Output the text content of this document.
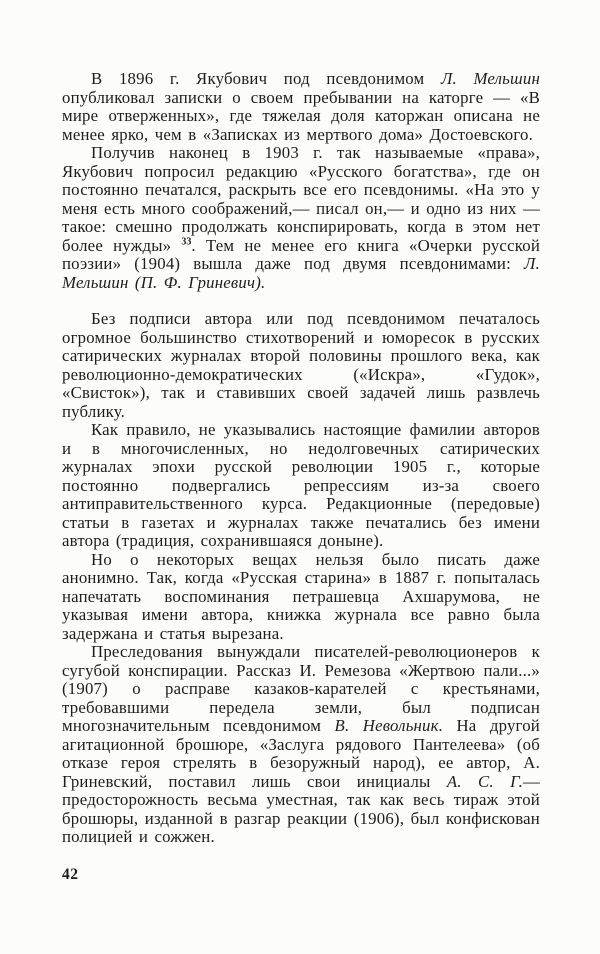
В 1896 г. Якубович под псевдонимом Л. Мельшин опубликовал записки о своем пребывании на каторге — «В мире отверженных», где тяжелая доля каторжан описана не менее ярко, чем в «Записках из мертвого дома» Достоевского.

Получив наконец в 1903 г. так называемые «права», Якубович попросил редакцию «Русского богатства», где он постоянно печатался, раскрыть все его псевдонимы. «На это у меня есть много соображений,— писал он,— и одно из них — такое: смешно продолжать конспирировать, когда в этом нет более нужды» $^{33}$. Тем не менее его книга «Очерки русской поэзии» (1904) вышла даже под двумя псевдонимами: Л. Мельшин (П. Ф. Гриневич).

Без подписи автора или под псевдонимом печаталось огромное большинство стихотворений и юморесок в русских сатирических журналах второй половины прошлого века, как революционно-демократических («Искра», «Гудок», «Свисток»), так и ставивших своей задачей лишь развлечь публику.

Как правило, не указывались настоящие фамилии авторов и в многочисленных, но недолговечных сатирических журналах эпохи русской революции 1905 г., которые постоянно подвергались репрессиям из-за своего антиправительственного курса. Редакционные (передовые) статьи в газетах и журналах также печатались без имени автора (традиция, сохранившаяся доныне).

Но о некоторых вещах нельзя было писать даже анонимно. Так, когда «Русская старина» в 1887 г. попыталась напечатать воспоминания петрашевца Ахшарумова, не указывая имени автора, книжка журнала все равно была задержана и статья вырезана.

Преследования вынуждали писателей-революционеров к сугубой конспирации. Рассказ И. Ремезова «Жертвою пали...» (1907) о расправе казаков-карателей с крестьянами, требовавшими передела земли, был подписан многозначительным псевдонимом В. Невольник. На другой агитационной брошюре, «Заслуга рядового Пантелеева» (об отказе героя стрелять в безоружный народ), ее автор, А. Гриневский, поставил лишь свои инициалы А. С. Г.— предосторожность весьма уместная, так как весь тираж этой брошюры, изданной в разгар реакции (1906), был конфискован полицией и сожжен.

42
